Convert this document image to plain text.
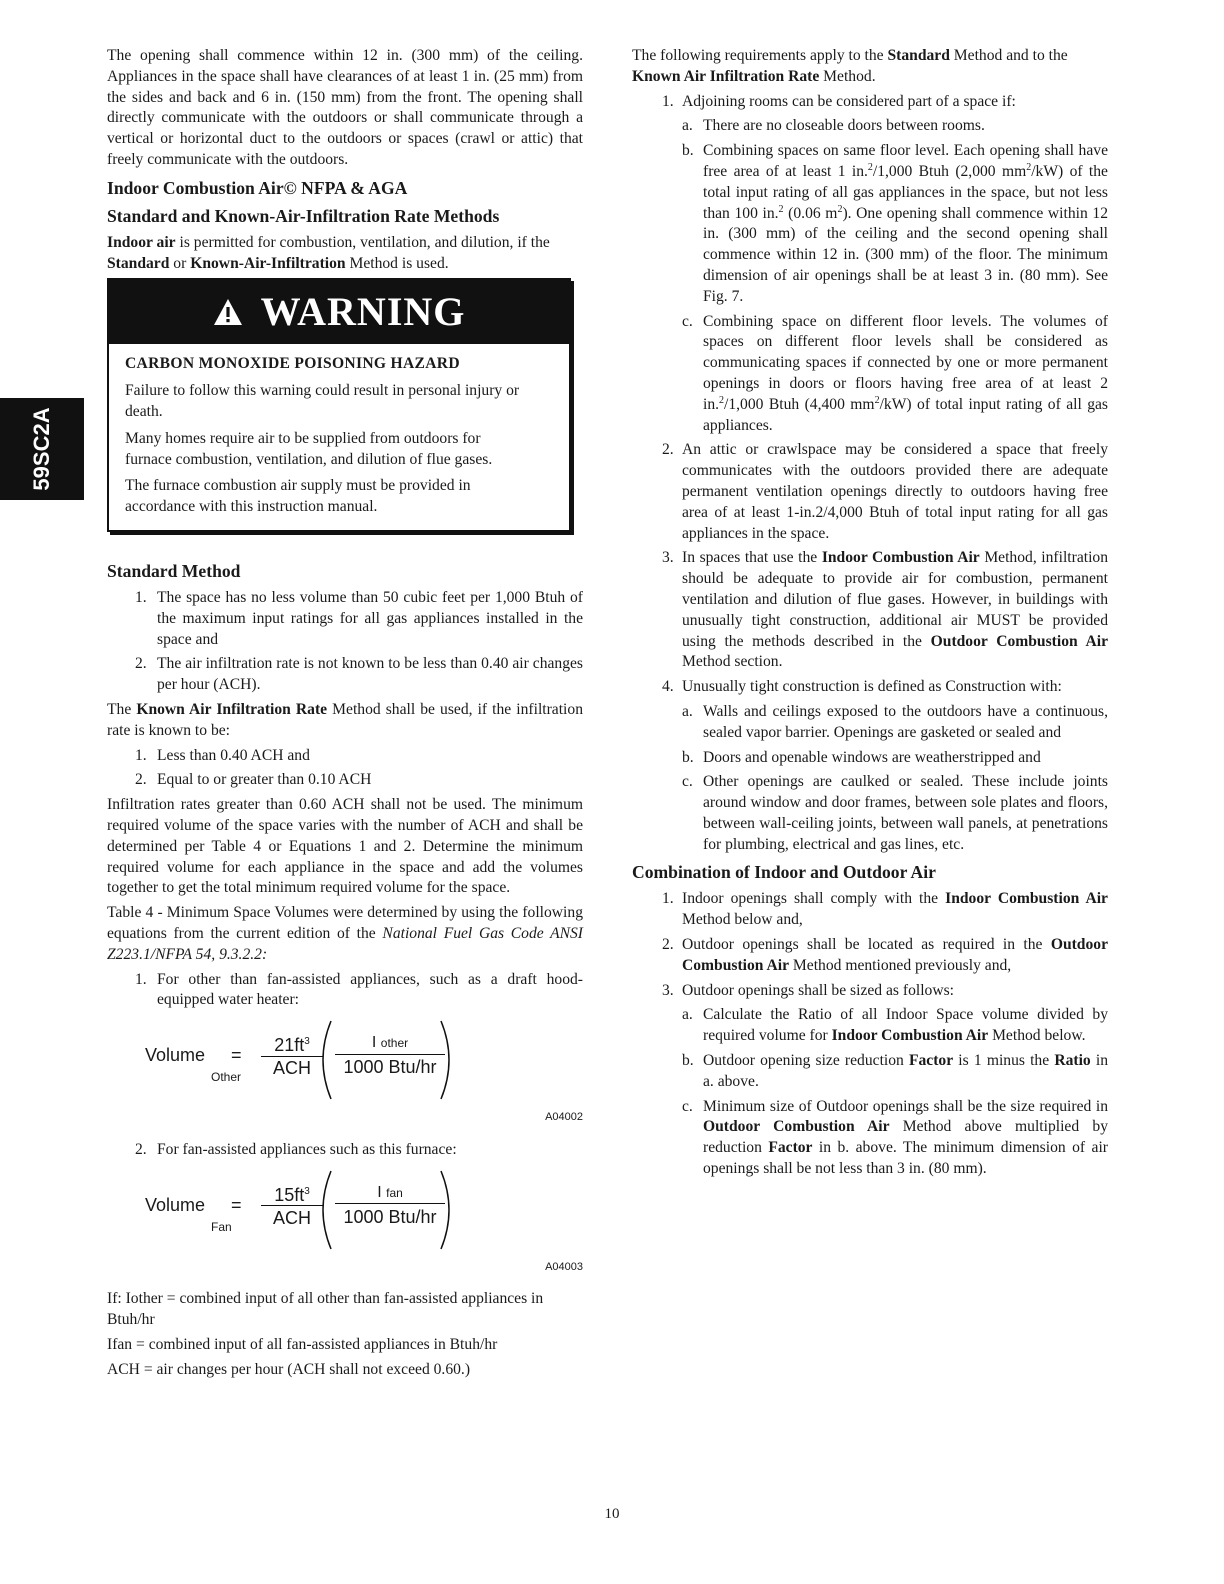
59SC2A

The opening shall commence within 12 in. (300 mm) of the ceiling. Appliances in the space shall have clearances of at least 1 in. (25 mm) from the sides and back and 6 in. (150 mm) from the front. The opening shall directly communicate with the outdoors or shall communicate through a vertical or horizontal duct to the outdoors or spaces (crawl or attic) that freely communicate with the outdoors.

Indoor Combustion Air© NFPA & AGA
Standard and Known-Air-Infiltration Rate Methods

Indoor air is permitted for combustion, ventilation, and dilution, if the Standard or Known-Air-Infiltration Method is used.

WARNING
CARBON MONOXIDE POISONING HAZARD

Failure to follow this warning could result in personal injury or death.

Many homes require air to be supplied from outdoors for furnace combustion, ventilation, and dilution of flue gases.

The furnace combustion air supply must be provided in accordance with this instruction manual.

Standard Method
1. The space has no less volume than 50 cubic feet per 1,000 Btuh of the maximum input ratings for all gas appliances installed in the space and
2. The air infiltration rate is not known to be less than 0.40 air changes per hour (ACH).

The Known Air Infiltration Rate Method shall be used, if the infiltration rate is known to be:

1. Less than 0.40 ACH and
2. Equal to or greater than 0.10 ACH

Infiltration rates greater than 0.60 ACH shall not be used. The minimum required volume of the space varies with the number of ACH and shall be determined per Table 4 or Equations 1 and 2. Determine the minimum required volume for each appliance in the space and add the volumes together to get the total minimum required volume for the space.

Table 4 - Minimum Space Volumes were determined by using the following equations from the current edition of the National Fuel Gas Code ANSI Z223.1/NFPA 54, 9.3.2.2:

1. For other than fan-assisted appliances, such as a draft hood-equipped water heater:
Volume
Other
=	$21ft^3$
ACH
I other
1000 Btu/hr
A04002
2. For fan-assisted appliances such as this furnace:
Volume
Fan
=	$15ft^3$
ACH
I fan
1000 Btu/hr
A04003

If: Iother = combined input of all other than fan-assisted appliances in Btuh/hr

Ifan = combined input of all fan-assisted appliances in Btuh/hr

ACH = air changes per hour (ACH shall not exceed 0.60.)

The following requirements apply to the Standard Method and to the Known Air Infiltration Rate Method.

1. Adjoining rooms can be considered part of a space if:
a. There are no closeable doors between rooms.
b. Combining spaces on same floor level. Each opening shall have free area of at least 1 in.$^2$/1,000 Btuh (2,000 $mm^2/kW$) of the total input rating of all gas appliances in the space, but not less than 100 in.$^2$ (0.06 $m^2$). One opening shall commence within 12 in. (300 mm) of the ceiling and the second opening shall commence within 12 in. (300 mm) of the floor. The minimum dimension of air openings shall be at least 3 in. (80 mm). See Fig. 7.
c. Combining space on different floor levels. The volumes of spaces on different floor levels shall be considered as communicating spaces if connected by one or more permanent openings in doors or floors having free area of at least 2 in.$^2$/1,000 Btuh (4,400 $mm^2/kW$) of total input rating of all gas appliances.
2. An attic or crawlspace may be considered a space that freely communicates with the outdoors provided there are adequate permanent ventilation openings directly to outdoors having free area of at least 1-in.2/4,000 Btuh of total input rating for all gas appliances in the space.
3. In spaces that use the Indoor Combustion Air Method, infiltration should be adequate to provide air for combustion, permanent ventilation and dilution of flue gases. However, in buildings with unusually tight construction, additional air MUST be provided using the methods described in the Outdoor Combustion Air Method section.
4. Unusually tight construction is defined as Construction with:
a. Walls and ceilings exposed to the outdoors have a continuous, sealed vapor barrier. Openings are gasketed or sealed and
b. Doors and openable windows are weatherstripped and
c. Other openings are caulked or sealed. These include joints around window and door frames, between sole plates and floors, between wall-ceiling joints, between wall panels, at penetrations for plumbing, electrical and gas lines, etc.
Combination of Indoor and Outdoor Air
1. Indoor openings shall comply with the Indoor Combustion Air Method below and,
2. Outdoor openings shall be located as required in the Outdoor Combustion Air Method mentioned previously and,
3. Outdoor openings shall be sized as follows:
a. Calculate the Ratio of all Indoor Space volume divided by required volume for Indoor Combustion Air Method below.
b. Outdoor opening size reduction Factor is 1 minus the Ratio in a. above.
c. Minimum size of Outdoor openings shall be the size required in Outdoor Combustion Air Method above multiplied by reduction Factor in b. above. The minimum dimension of air openings shall be not less than 3 in. (80 mm).
10
